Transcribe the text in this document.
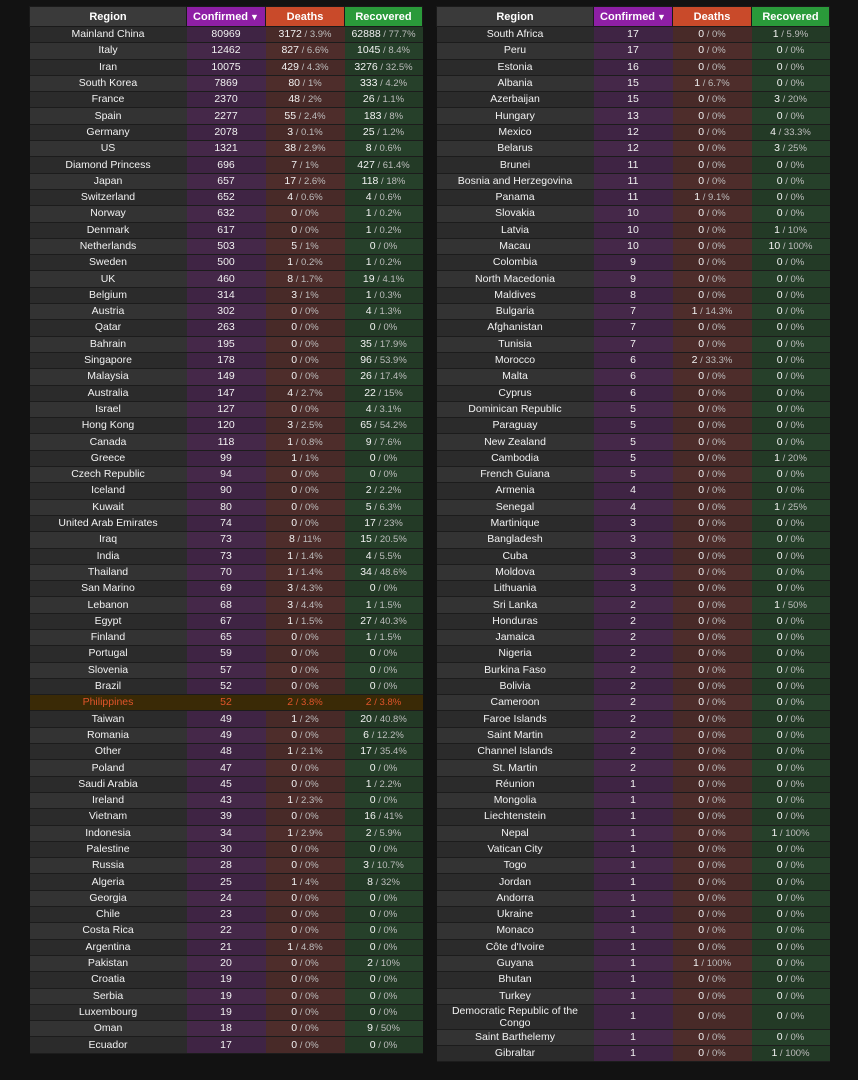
Region	Confirmed ▼	Deaths	Recovered
Mainland China	80969	3172 / 3.9%	62888 / 77.7%
Italy	12462	827 / 6.6%	1045 / 8.4%
Iran	10075	429 / 4.3%	3276 / 32.5%
South Korea	7869	80 / 1%	333 / 4.2%
France	2370	48 / 2%	26 / 1.1%
Spain	2277	55 / 2.4%	183 / 8%
Germany	2078	3 / 0.1%	25 / 1.2%
US	1321	38 / 2.9%	8 / 0.6%
Diamond Princess	696	7 / 1%	427 / 61.4%
Japan	657	17 / 2.6%	118 / 18%
Switzerland	652	4 / 0.6%	4 / 0.6%
Norway	632	0 / 0%	1 / 0.2%
Denmark	617	0 / 0%	1 / 0.2%
Netherlands	503	5 / 1%	0 / 0%
Sweden	500	1 / 0.2%	1 / 0.2%
UK	460	8 / 1.7%	19 / 4.1%
Belgium	314	3 / 1%	1 / 0.3%
Austria	302	0 / 0%	4 / 1.3%
Qatar	263	0 / 0%	0 / 0%
Bahrain	195	0 / 0%	35 / 17.9%
Singapore	178	0 / 0%	96 / 53.9%
Malaysia	149	0 / 0%	26 / 17.4%
Australia	147	4 / 2.7%	22 / 15%
Israel	127	0 / 0%	4 / 3.1%
Hong Kong	120	3 / 2.5%	65 / 54.2%
Canada	118	1 / 0.8%	9 / 7.6%
Greece	99	1 / 1%	0 / 0%
Czech Republic	94	0 / 0%	0 / 0%
Iceland	90	0 / 0%	2 / 2.2%
Kuwait	80	0 / 0%	5 / 6.3%
United Arab Emirates	74	0 / 0%	17 / 23%
Iraq	73	8 / 11%	15 / 20.5%
India	73	1 / 1.4%	4 / 5.5%
Thailand	70	1 / 1.4%	34 / 48.6%
San Marino	69	3 / 4.3%	0 / 0%
Lebanon	68	3 / 4.4%	1 / 1.5%
Egypt	67	1 / 1.5%	27 / 40.3%
Finland	65	0 / 0%	1 / 1.5%
Portugal	59	0 / 0%	0 / 0%
Slovenia	57	0 / 0%	0 / 0%
Brazil	52	0 / 0%	0 / 0%
Philippines	52	2 / 3.8%	2 / 3.8%
Taiwan	49	1 / 2%	20 / 40.8%
Romania	49	0 / 0%	6 / 12.2%
Other	48	1 / 2.1%	17 / 35.4%
Poland	47	0 / 0%	0 / 0%
Saudi Arabia	45	0 / 0%	1 / 2.2%
Ireland	43	1 / 2.3%	0 / 0%
Vietnam	39	0 / 0%	16 / 41%
Indonesia	34	1 / 2.9%	2 / 5.9%
Palestine	30	0 / 0%	0 / 0%
Russia	28	0 / 0%	3 / 10.7%
Algeria	25	1 / 4%	8 / 32%
Georgia	24	0 / 0%	0 / 0%
Chile	23	0 / 0%	0 / 0%
Costa Rica	22	0 / 0%	0 / 0%
Argentina	21	1 / 4.8%	0 / 0%
Pakistan	20	0 / 0%	2 / 10%
Croatia	19	0 / 0%	0 / 0%
Serbia	19	0 / 0%	0 / 0%
Luxembourg	19	0 / 0%	0 / 0%
Oman	18	0 / 0%	9 / 50%
Ecuador	17	0 / 0%	0 / 0%
Region	Confirmed ▼	Deaths	Recovered
South Africa	17	0 / 0%	1 / 5.9%
Peru	17	0 / 0%	0 / 0%
Estonia	16	0 / 0%	0 / 0%
Albania	15	1 / 6.7%	0 / 0%
Azerbaijan	15	0 / 0%	3 / 20%
Hungary	13	0 / 0%	0 / 0%
Mexico	12	0 / 0%	4 / 33.3%
Belarus	12	0 / 0%	3 / 25%
Brunei	11	0 / 0%	0 / 0%
Bosnia and Herzegovina	11	0 / 0%	0 / 0%
Panama	11	1 / 9.1%	0 / 0%
Slovakia	10	0 / 0%	0 / 0%
Latvia	10	0 / 0%	1 / 10%
Macau	10	0 / 0%	10 / 100%
Colombia	9	0 / 0%	0 / 0%
North Macedonia	9	0 / 0%	0 / 0%
Maldives	8	0 / 0%	0 / 0%
Bulgaria	7	1 / 14.3%	0 / 0%
Afghanistan	7	0 / 0%	0 / 0%
Tunisia	7	0 / 0%	0 / 0%
Morocco	6	2 / 33.3%	0 / 0%
Malta	6	0 / 0%	0 / 0%
Cyprus	6	0 / 0%	0 / 0%
Dominican Republic	5	0 / 0%	0 / 0%
Paraguay	5	0 / 0%	0 / 0%
New Zealand	5	0 / 0%	0 / 0%
Cambodia	5	0 / 0%	1 / 20%
French Guiana	5	0 / 0%	0 / 0%
Armenia	4	0 / 0%	0 / 0%
Senegal	4	0 / 0%	1 / 25%
Martinique	3	0 / 0%	0 / 0%
Bangladesh	3	0 / 0%	0 / 0%
Cuba	3	0 / 0%	0 / 0%
Moldova	3	0 / 0%	0 / 0%
Lithuania	3	0 / 0%	0 / 0%
Sri Lanka	2	0 / 0%	1 / 50%
Honduras	2	0 / 0%	0 / 0%
Jamaica	2	0 / 0%	0 / 0%
Nigeria	2	0 / 0%	0 / 0%
Burkina Faso	2	0 / 0%	0 / 0%
Bolivia	2	0 / 0%	0 / 0%
Cameroon	2	0 / 0%	0 / 0%
Faroe Islands	2	0 / 0%	0 / 0%
Saint Martin	2	0 / 0%	0 / 0%
Channel Islands	2	0 / 0%	0 / 0%
St. Martin	2	0 / 0%	0 / 0%
Réunion	1	0 / 0%	0 / 0%
Mongolia	1	0 / 0%	0 / 0%
Liechtenstein	1	0 / 0%	0 / 0%
Nepal	1	0 / 0%	1 / 100%
Vatican City	1	0 / 0%	0 / 0%
Togo	1	0 / 0%	0 / 0%
Jordan	1	0 / 0%	0 / 0%
Andorra	1	0 / 0%	0 / 0%
Ukraine	1	0 / 0%	0 / 0%
Monaco	1	0 / 0%	0 / 0%
Côte d'Ivoire	1	0 / 0%	0 / 0%
Guyana	1	1 / 100%	0 / 0%
Bhutan	1	0 / 0%	0 / 0%
Turkey	1	0 / 0%	0 / 0%
Democratic Republic of the Congo	1	0 / 0%	0 / 0%
Saint Barthelemy	1	0 / 0%	0 / 0%
Gibraltar	1	0 / 0%	1 / 100%
